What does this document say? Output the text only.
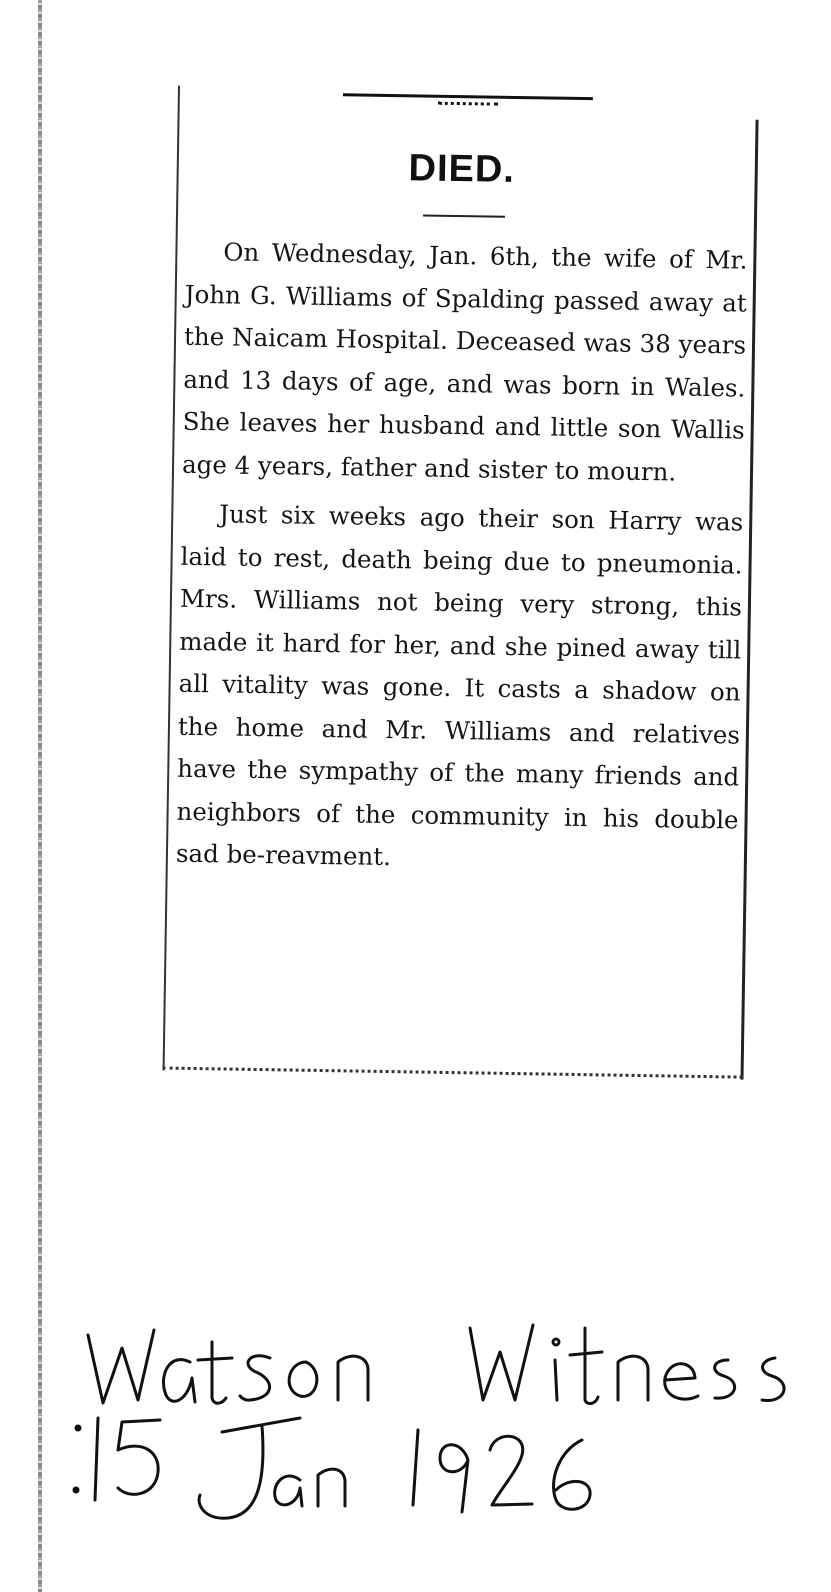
DIED.

On Wednesday, Jan. 6th, the wife of Mr. John G. Williams of Spalding passed away at the Naicam Hospital. Deceased was 38 years and 13 days of age, and was born in Wales. She leaves her husband and little son Wallis age 4 years, father and sister to mourn.

Just six weeks ago their son Harry was laid to rest, death being due to pneumonia. Mrs. Williams not being very strong, this made it hard for her, and she pined away till all vitality was gone. It casts a shadow on the home and Mr. Williams and relatives have the sympathy of the many friends and neighbors of the community in his double sad be-reavment.
